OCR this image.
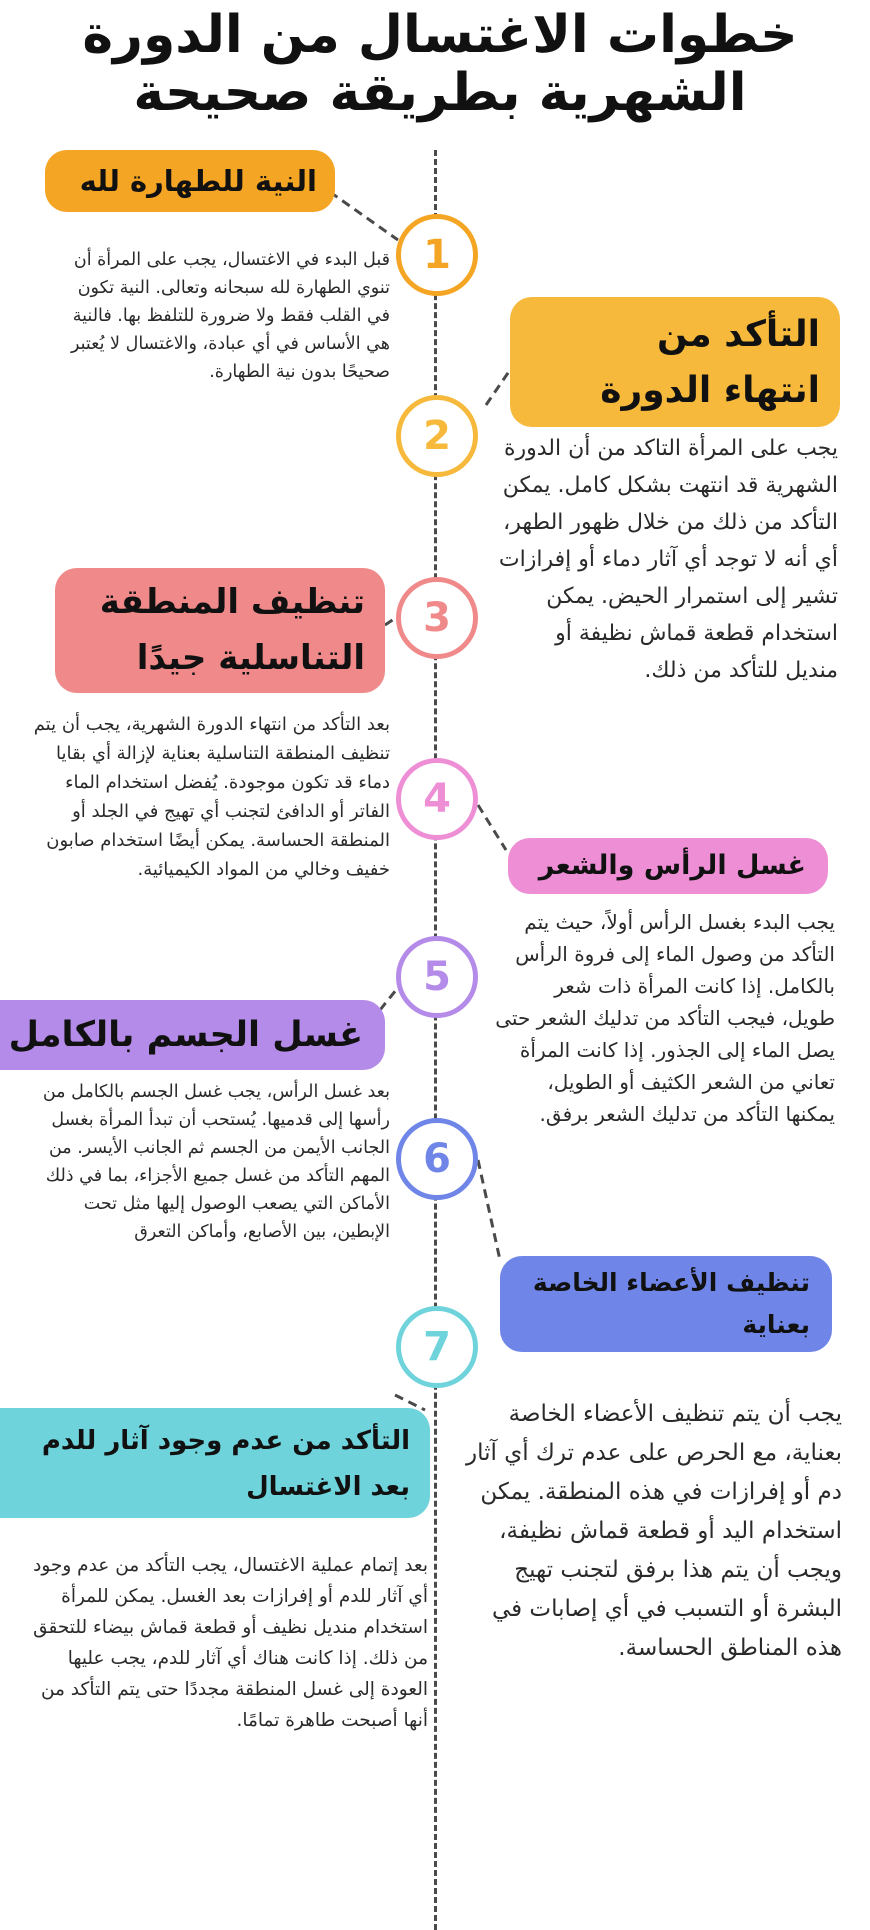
خطوات الاغتسال من الدورة
الشهرية بطريقة صحيحة
النية للطهارة لله
1
قبل البدء في الاغتسال، يجب على المرأة أن تنوي الطهارة لله سبحانه وتعالى. النية تكون في القلب فقط ولا ضرورة للتلفظ بها. فالنية هي الأساس في أي عبادة، والاغتسال لا يُعتبر صحيحًا بدون نية الطهارة.
التأكد من انتهاء الدورة
2 يجب على المرأة التاكد من أن الدورة الشهرية قد انتهت بشكل كامل. يمكن التأكد من ذلك من خلال ظهور الطهر، أي أنه لا توجد أي آثار دماء أو إفرازات تشير إلى استمرار الحيض. يمكن استخدام قطعة قماش نظيفة أو منديل للتأكد من ذلك.
تنظيف المنطقة التناسلية جيدًا
3
بعد التأكد من انتهاء الدورة الشهرية، يجب أن يتم تنظيف المنطقة التناسلية بعناية لإزالة أي بقايا دماء قد تكون موجودة. يُفضل استخدام الماء الفاتر أو الدافئ لتجنب أي تهيج في الجلد أو المنطقة الحساسة. يمكن أيضًا استخدام صابون خفيف وخالي من المواد الكيميائية.
4
غسل الرأس والشعر
يجب البدء بغسل الرأس أولاً، حيث يتم التأكد من وصول الماء إلى فروة الرأس بالكامل. إذا كانت المرأة ذات شعر طويل، فيجب التأكد من تدليك الشعر حتى يصل الماء إلى الجذور. إذا كانت المرأة تعاني من الشعر الكثيف أو الطويل، يمكنها التأكد من تدليك الشعر برفق.
5
غسل الجسم بالكامل
بعد غسل الرأس، يجب غسل الجسم بالكامل من رأسها إلى قدميها. يُستحب أن تبدأ المرأة بغسل الجانب الأيمن من الجسم ثم الجانب الأيسر. من المهم التأكد من غسل جميع الأجزاء، بما في ذلك الأماكن التي يصعب الوصول إليها مثل تحت الإبطين، بين الأصابع، وأماكن التعرق
6
تنظيف الأعضاء الخاصة بعناية
يجب أن يتم تنظيف الأعضاء الخاصة بعناية، مع الحرص على عدم ترك أي آثار دم أو إفرازات في هذه المنطقة. يمكن استخدام اليد أو قطعة قماش نظيفة، ويجب أن يتم هذا برفق لتجنب تهيج البشرة أو التسبب في أي إصابات في هذه المناطق الحساسة.
7
التأكد من عدم وجود آثار للدم بعد الاغتسال
بعد إتمام عملية الاغتسال، يجب التأكد من عدم وجود أي آثار للدم أو إفرازات بعد الغسل. يمكن للمرأة استخدام منديل نظيف أو قطعة قماش بيضاء للتحقق من ذلك. إذا كانت هناك أي آثار للدم، يجب عليها العودة إلى غسل المنطقة مجددًا حتى يتم التأكد من أنها أصبحت طاهرة تمامًا.
